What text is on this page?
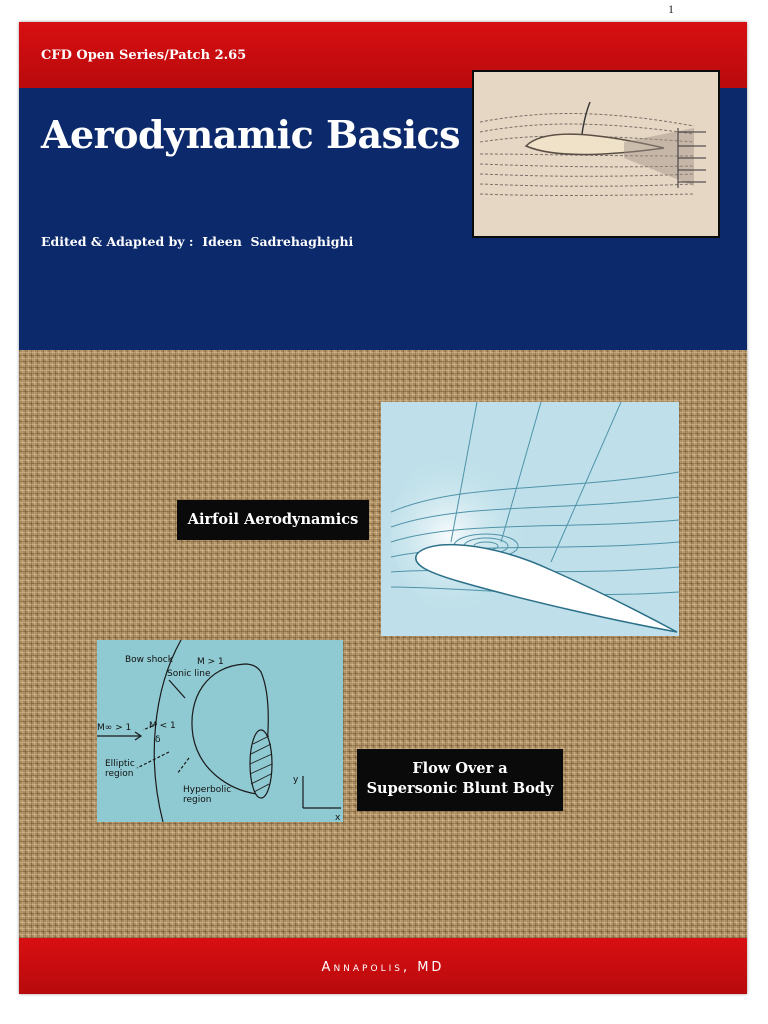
1
CFD Open Series/Patch 2.65
Aerodynamic Basics
Edited & Adapted by :  Ideen  Sadrehaghighi
Airfoil Aerodynamics
Bow shock	M > 1
Sonic line
M∞ > 1 M < 1
δ
Elliptic
region
Hyperbolic
region
y
x
Flow Over a
Supersonic Blunt Body
Annapolis, MD
